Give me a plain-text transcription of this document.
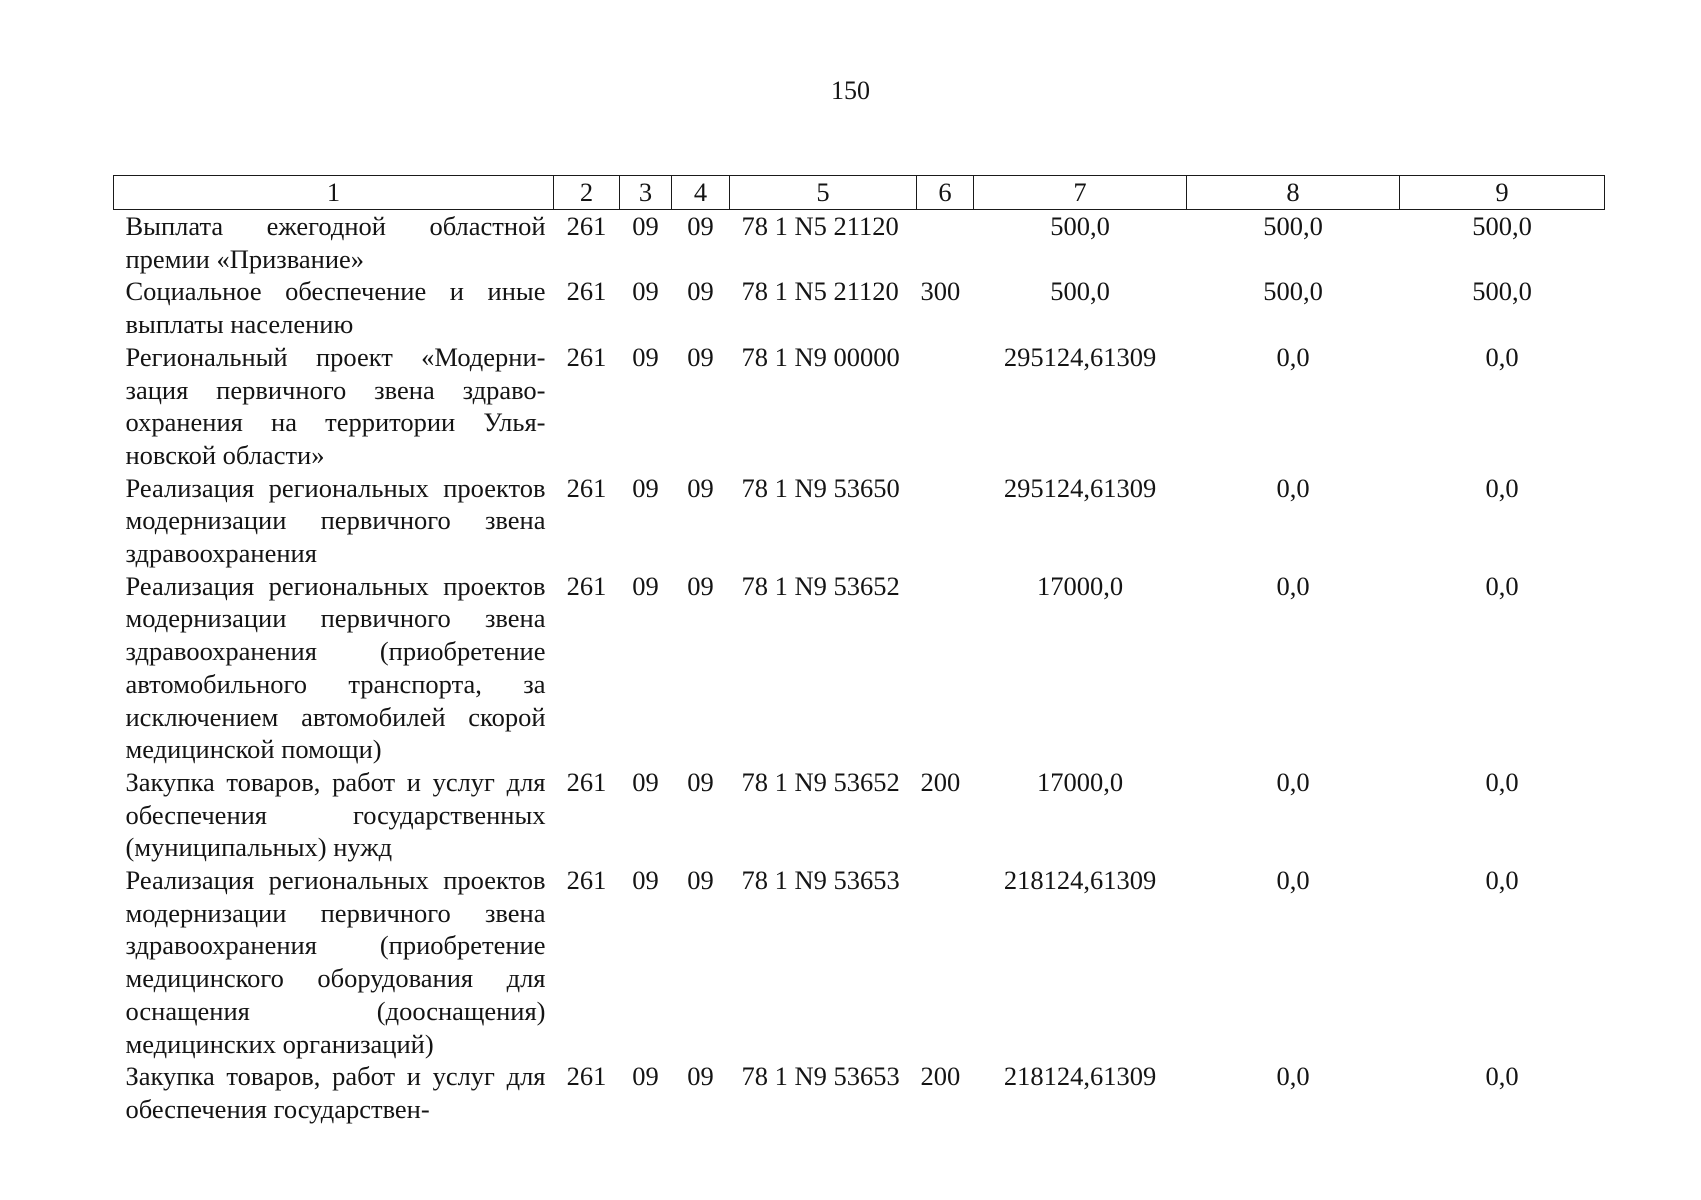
150
1	2	3	4	5	6	7	8	9
Выплата ежегодной областной премии «Призвание»	261	09	09	78 1 N5 21120		500,0	500,0	500,0
Социальное обеспечение и иные выплаты населению	261	09	09	78 1 N5 21120	300	500,0	500,0	500,0
Региональный проект «Модернизация первичного звена здравоохранения на территории Ульяновской области»	261	09	09	78 1 N9 00000		295124,61309	0,0	0,0
Реализация региональных проектов модернизации первичного звена здравоохранения	261	09	09	78 1 N9 53650		295124,61309	0,0	0,0
Реализация региональных проектов модернизации первичного звена здравоохранения (приобретение автомобильного транспорта, за исключением автомобилей скорой медицинской помощи)	261	09	09	78 1 N9 53652		17000,0	0,0	0,0
Закупка товаров, работ и услуг для обеспечения государственных (муниципальных) нужд	261	09	09	78 1 N9 53652	200	17000,0	0,0	0,0
Реализация региональных проектов модернизации первичного звена здравоохранения (приобретение медицинского оборудования для оснащения (дооснащения) медицинских организаций)	261	09	09	78 1 N9 53653		218124,61309	0,0	0,0
Закупка товаров, работ и услуг для обеспечения государствен-	261	09	09	78 1 N9 53653	200	218124,61309	0,0	0,0
